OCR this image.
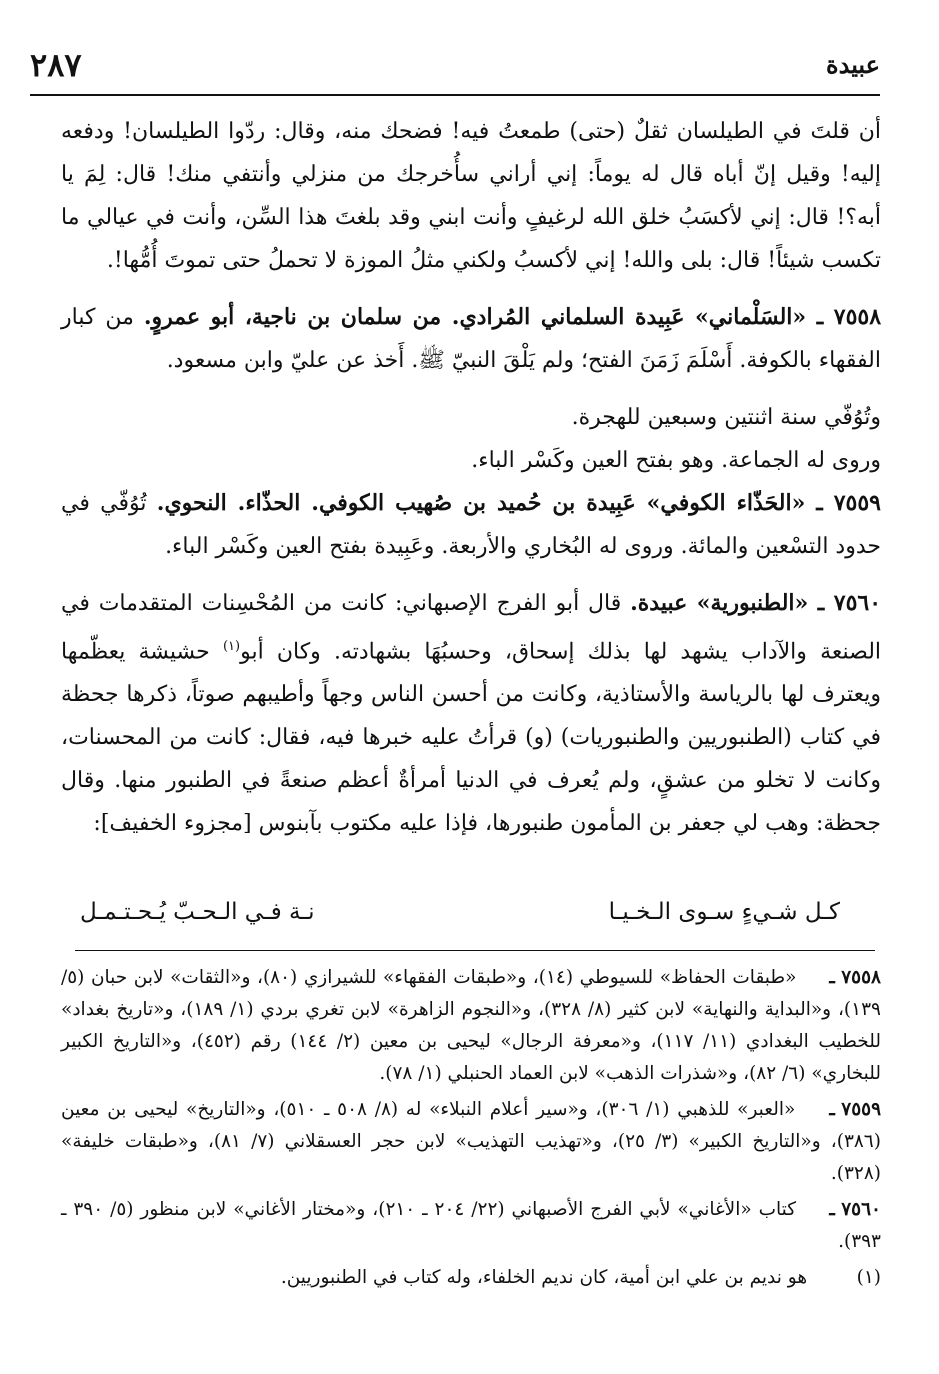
٢٨٧	عبيدة

أن قلتَ في الطيلسان ثقلٌ (حتى) طمعتُ فيه! فضحك منه، وقال: ردّوا الطيلسان! ودفعه إليه! وقيل إنّ أباه قال له يوماً: إني أراني سأُخرجك من منزلي وأنتفي منك! قال: لِمَ يا أبه؟! قال: إني لأكسَبُ خلق الله لرغيفٍ وأنت ابني وقد بلغتَ هذا السِّن، وأنت في عيالي ما تكسب شيئاً! قال: بلى والله! إني لأكسبُ ولكني مثلُ الموزة لا تحملُ حتى تموتَ أُمُّها!.

٧٥٥٨ ـ «السَلْماني» عَبِيدة السلماني المُرادي. من سلمان بن ناجية، أبو عمروٍ. من كبار الفقهاء بالكوفة. أَسْلَمَ زَمَنَ الفتح؛ ولم يَلْقَ النبيّ ﷺ. أَخذ عن عليّ وابن مسعود.

وتُوُفّي سنة اثنتين وسبعين للهجرة.

وروى له الجماعة. وهو بفتح العين وكَسْر الباء.

٧٥٥٩ ـ «الحَذّاء الكوفي» عَبِيدة بن حُميد بن صُهيب الكوفي. الحذّاء. النحوي. تُوُفّي في حدود التسْعين والمائة. وروى له البُخاري والأربعة. وعَبِيدة بفتح العين وكَسْر الباء.

٧٥٦٠ ـ «الطنبورية» عبيدة. قال أبو الفرج الإصبهاني: كانت من المُحْسِنات المتقدمات في الصنعة والآداب يشهد لها بذلك إسحاق، وحسبُهَا بشهادته. وكان أبو$^{(١)}$ حشيشة يعظّمها ويعترف لها بالرياسة والأستاذية، وكانت من أحسن الناس وجهاً وأطيبهم صوتاً، ذكرها جحظة في كتاب (الطنبوريين والطنبوريات) (و) قرأتُ عليه خبرها فيه، فقال: كانت من المحسنات، وكانت لا تخلو من عشقٍ، ولم يُعرف في الدنيا أمرأةٌ أعظم صنعةً في الطنبور منها. وقال جحظة: وهب لي جعفر بن المأمون طنبورها، فإذا عليه مكتوب بآبنوس [مجزوء الخفيف]:

كـل شـيءٍ سـوى الـخـيـا
نـة فـي الـحـبّ يُـحـتـمـل

٧٥٥٨ ـ «طبقات الحفاظ» للسيوطي (١٤)، و«طبقات الفقهاء» للشيرازي (٨٠)، و«الثقات» لابن حبان (٥/ ١٣٩)، و«البداية والنهاية» لابن كثير (٨/ ٣٢٨)، و«النجوم الزاهرة» لابن تغري بردي (١/ ١٨٩)، و«تاريخ بغداد» للخطيب البغدادي (١١/ ١١٧)، و«معرفة الرجال» ليحيى بن معين (٢/ ١٤٤) رقم (٤٥٢)، و«التاريخ الكبير للبخاري» (٦/ ٨٢)، و«شذرات الذهب» لابن العماد الحنبلي (١/ ٧٨).

٧٥٥٩ ـ «العبر» للذهبي (١/ ٣٠٦)، و«سير أعلام النبلاء» له (٨/ ٥٠٨ ـ ٥١٠)، و«التاريخ» ليحيى بن معين (٣٨٦)، و«التاريخ الكبير» (٣/ ٢٥)، و«تهذيب التهذيب» لابن حجر العسقلاني (٧/ ٨١)، و«طبقات خليفة» (٣٢٨).

٧٥٦٠ ـ كتاب «الأغاني» لأبي الفرج الأصبهاني (٢٢/ ٢٠٤ ـ ٢١٠)، و«مختار الأغاني» لابن منظور (٥/ ٣٩٠ ـ ٣٩٣).

(١) هو نديم بن علي ابن أمية، كان نديم الخلفاء، وله كتاب في الطنبوريين.
